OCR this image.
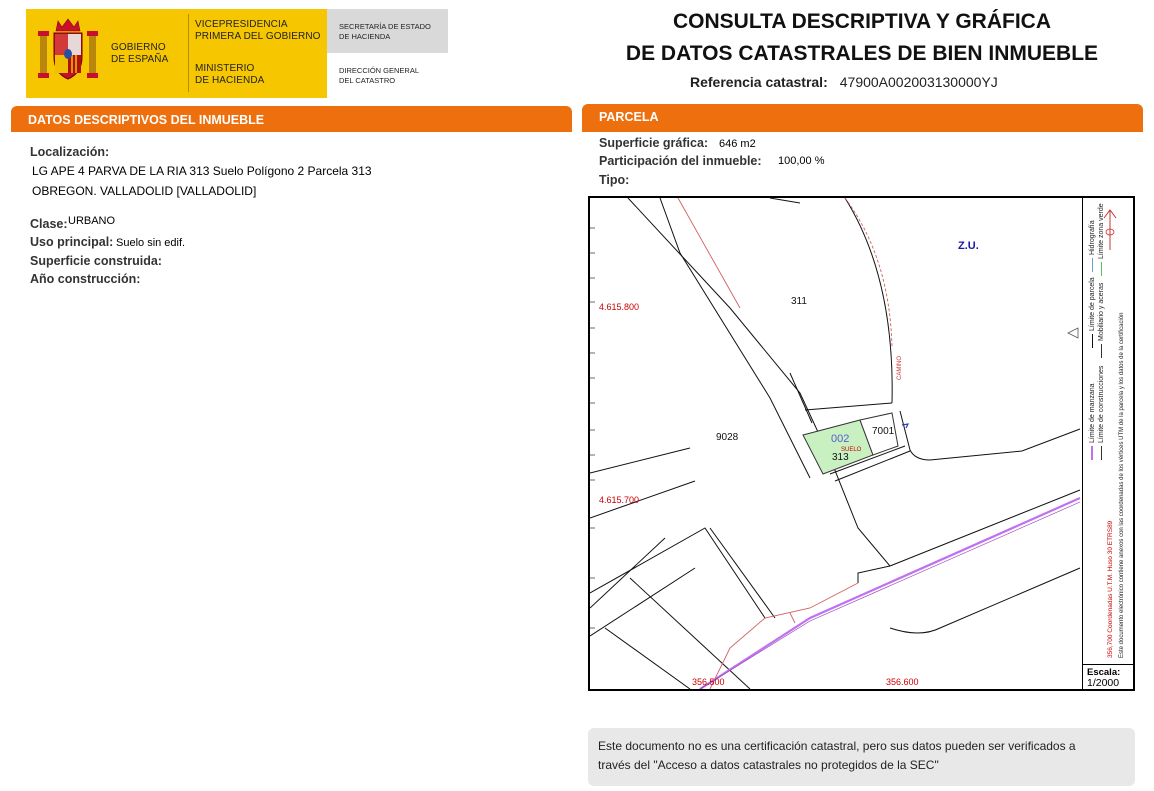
GOBIERNO
DE ESPAÑA
VICEPRESIDENCIA
PRIMERA DEL GOBIERNO
MINISTERIO
DE HACIENDA
SECRETARÍA DE ESTADO
DE HACIENDA
DIRECCIÓN GENERAL
DEL CATASTRO
CONSULTA DESCRIPTIVA Y GRÁFICA
DE DATOS CATASTRALES DE BIEN INMUEBLE
Referencia catastral: 47900A002003130000YJ
DATOS DESCRIPTIVOS DEL INMUEBLE
Localización:
LG APE 4 PARVA DE LA RIA 313 Suelo Polígono 2 Parcela 313
OBREGON. VALLADOLID [VALLADOLID]
Clase: URBANO
Uso principal: Suelo sin edif.
Superficie construida:
Año construcción:
PARCELA
Superficie gráfica: 646 m2
Participación del inmueble: 100,00 %
Tipo:
Z.U.
311
9028
7001
002
SUELO
313
4.615.800
4.615.700
356.500	356.600
CAMINO
Límite de manzana
Límite de parcela
Hidrografía
Límite de construcciones
Mobiliario y aceras
Límite zona verde
356,700 Coordenadas U.T.M. Huso 30 ETRS89 Este documento electrónico contiene anexos con las coordenadas de los vértices UTM de la parcela y los datos de la certificación
Escala:
1/2000
Este documento no es una certificación catastral, pero sus datos pueden ser verificados a
través del "Acceso a datos catastrales no protegidos de la SEC"
